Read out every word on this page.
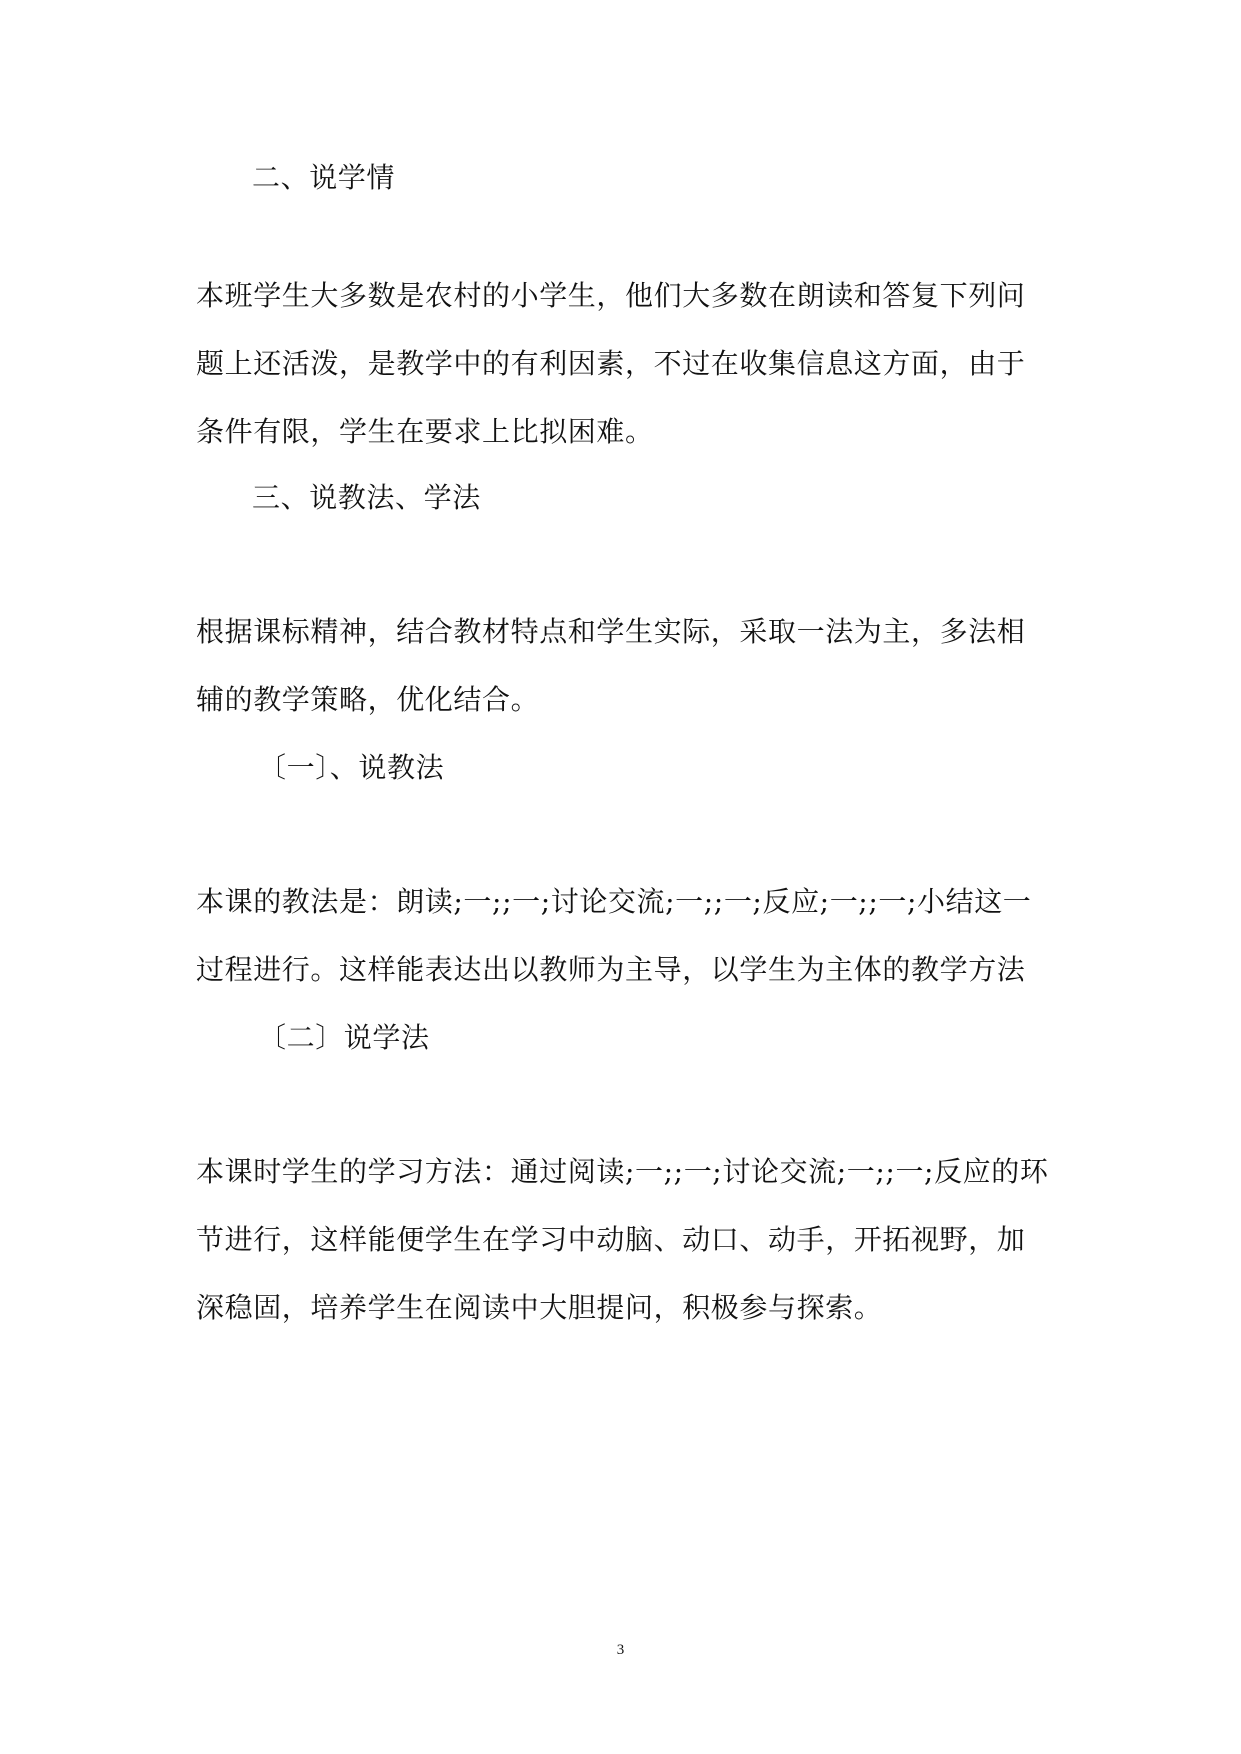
二、说学情
本班学生大多数是农村的小学生，他们大多数在朗读和答复下列问
题上还活泼，是教学中的有利因素，不过在收集信息这方面，由于
条件有限，学生在要求上比拟困难。
三、说教法、学法
根据课标精神，结合教材特点和学生实际，采取一法为主，多法相
辅的教学策略，优化结合。
〔一〕、说教法
本课的教法是：朗读;一;;一;讨论交流;一;;一;反应;一;;一;小结这一
过程进行。这样能表达出以教师为主导，以学生为主体的教学方法
〔二〕说学法
本课时学生的学习方法：通过阅读;一;;一;讨论交流;一;;一;反应的环
节进行，这样能便学生在学习中动脑、动口、动手，开拓视野，加
深稳固，培养学生在阅读中大胆提问，积极参与探索。
3
